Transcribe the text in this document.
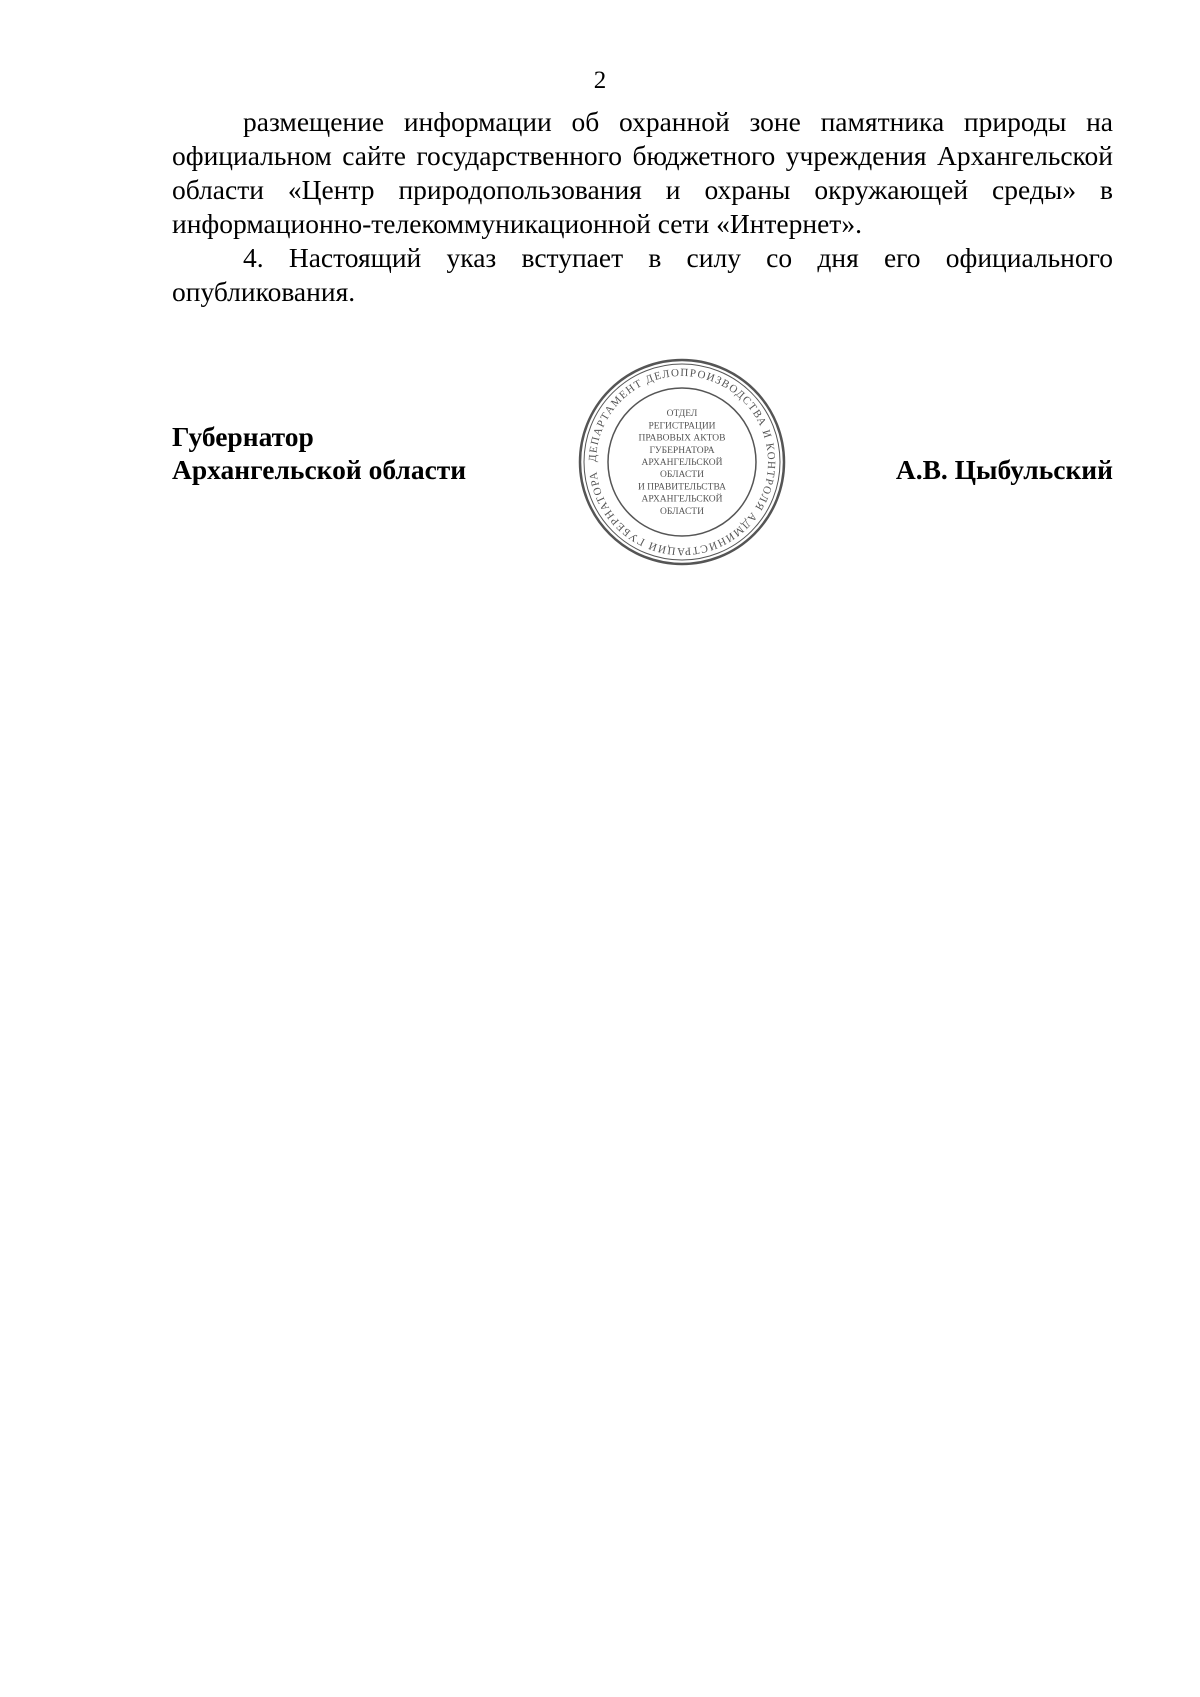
2

размещение информации об охранной зоне памятника природы на официальном сайте государственного бюджетного учреждения Архангельской области «Центр природопользования и охраны окружающей среды» в информационно-телекоммуникационной сети «Интернет».

4. Настоящий указ вступает в силу со дня его официального опубликования.

Губернатор
Архангельской области	А.В. Цыбульский
ДЕПАРТАМЕНТ ДЕЛОПРОИЗВОДСТВА И КОНТРОЛЯ АДМИНИСТРАЦИИ ГУБЕРНАТОРА
ОТДЕЛ
РЕГИСТРАЦИИ
ПРАВОВЫХ АКТОВ
ГУБЕРНАТОРА
АРХАНГЕЛЬСКОЙ
ОБЛАСТИ
И ПРАВИТЕЛЬСТВА
АРХАНГЕЛЬСКОЙ
ОБЛАСТИ
